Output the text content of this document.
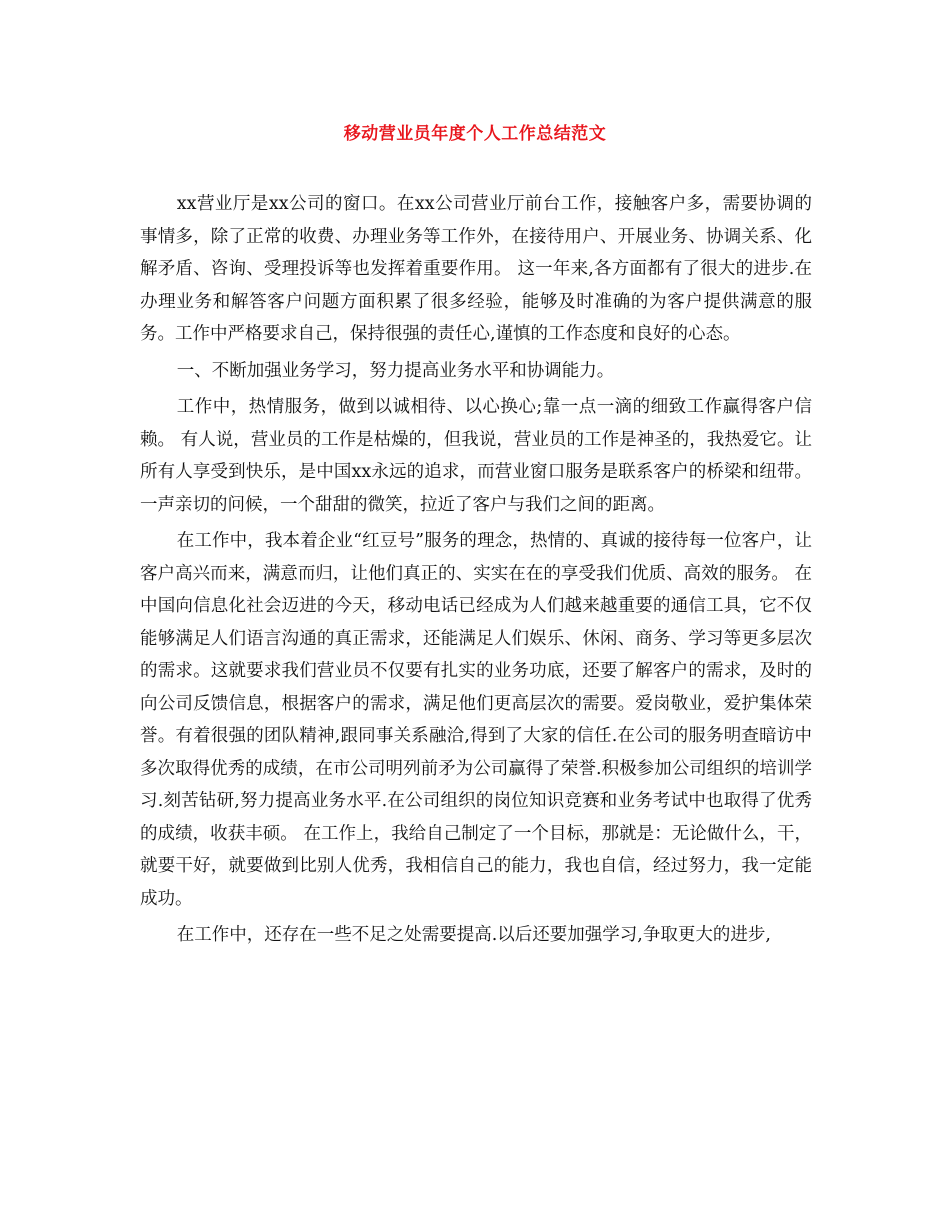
移动营业员年度个人工作总结范文

xx营业厅是xx公司的窗口。在xx公司营业厅前台工作，接触客户多，需要协调的事情多，除了正常的收费、办理业务等工作外，在接待用户、开展业务、协调关系、化解矛盾、咨询、受理投诉等也发挥着重要作用。 这一年来,各方面都有了很大的进步.在办理业务和解答客户问题方面积累了很多经验，能够及时准确的为客户提供满意的服务。工作中严格要求自己，保持很强的责任心,谨慎的工作态度和良好的心态。

一、不断加强业务学习，努力提高业务水平和协调能力。

工作中，热情服务，做到以诚相待、以心换心;靠一点一滴的细致工作赢得客户信赖。 有人说，营业员的工作是枯燥的，但我说，营业员的工作是神圣的，我热爱它。让所有人享受到快乐，是中国xx永远的追求，而营业窗口服务是联系客户的桥梁和纽带。一声亲切的问候，一个甜甜的微笑，拉近了客户与我们之间的距离。

在工作中，我本着企业“红豆号”服务的理念，热情的、真诚的接待每一位客户，让客户高兴而来，满意而归，让他们真正的、实实在在的享受我们优质、高效的服务。 在中国向信息化社会迈进的今天，移动电话已经成为人们越来越重要的通信工具，它不仅能够满足人们语言沟通的真正需求，还能满足人们娱乐、休闲、商务、学习等更多层次的需求。这就要求我们营业员不仅要有扎实的业务功底，还要了解客户的需求，及时的向公司反馈信息，根据客户的需求，满足他们更高层次的需要。爱岗敬业，爱护集体荣誉。有着很强的团队精神,跟同事关系融洽,得到了大家的信任.在公司的服务明查暗访中多次取得优秀的成绩，在市公司明列前矛为公司赢得了荣誉.积极参加公司组织的培训学习.刻苦钻研,努力提高业务水平.在公司组织的岗位知识竞赛和业务考试中也取得了优秀的成绩，收获丰硕。 在工作上，我给自己制定了一个目标，那就是：无论做什么，干，就要干好，就要做到比别人优秀，我相信自己的能力，我也自信，经过努力，我一定能成功。

在工作中，还存在一些不足之处需要提高.以后还要加强学习,争取更大的进步,
